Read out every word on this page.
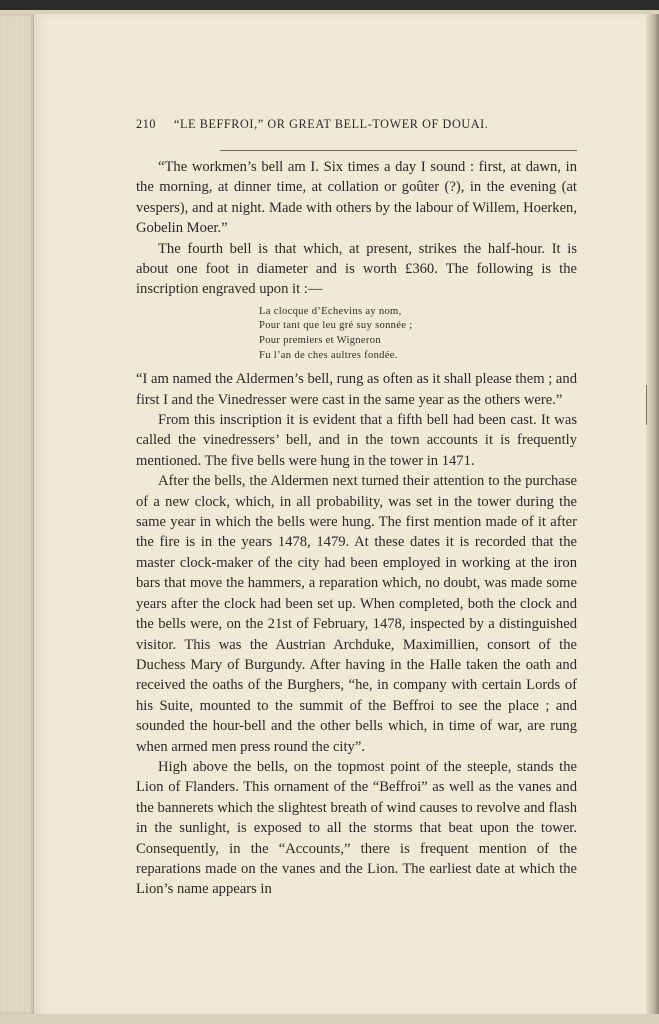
210 “LE BEFFROI,” OR GREAT BELL-TOWER OF DOUAI.

“The workmen’s bell am I. Six times a day I sound : first, at dawn, in the morning, at dinner time, at collation or goûter (?), in the evening (at vespers), and at night. Made with others by the labour of Willem, Hoerken, Gobelin Moer.”

The fourth bell is that which, at present, strikes the half-hour. It is about one foot in diameter and is worth £360. The following is the inscription engraved upon it :—

La clocque d’Echevins ay nom,
Pour tant que leu gré suy sonnée ;
Pour premiers et Wigneron
Fu l’an de ches aultres fondée.

“I am named the Aldermen’s bell, rung as often as it shall please them ; and first I and the Vinedresser were cast in the same year as the others were.”

From this inscription it is evident that a fifth bell had been cast. It was called the vinedressers’ bell, and in the town accounts it is frequently mentioned. The five bells were hung in the tower in 1471.

After the bells, the Aldermen next turned their attention to the purchase of a new clock, which, in all probability, was set in the tower during the same year in which the bells were hung. The first mention made of it after the fire is in the years 1478, 1479. At these dates it is recorded that the master clock-maker of the city had been employed in working at the iron bars that move the hammers, a reparation which, no doubt, was made some years after the clock had been set up. When completed, both the clock and the bells were, on the 21st of February, 1478, inspected by a distinguished visitor. This was the Austrian Archduke, Maximillien, consort of the Duchess Mary of Burgundy. After having in the Halle taken the oath and received the oaths of the Burghers, “he, in company with certain Lords of his Suite, mounted to the summit of the Beffroi to see the place ; and sounded the hour-bell and the other bells which, in time of war, are rung when armed men press round the city”.

High above the bells, on the topmost point of the steeple, stands the Lion of Flanders. This ornament of the “Beffroi” as well as the vanes and the bannerets which the slightest breath of wind causes to revolve and flash in the sunlight, is exposed to all the storms that beat upon the tower. Consequently, in the “Accounts,” there is frequent mention of the reparations made on the vanes and the Lion. The earliest date at which the Lion’s name appears in
